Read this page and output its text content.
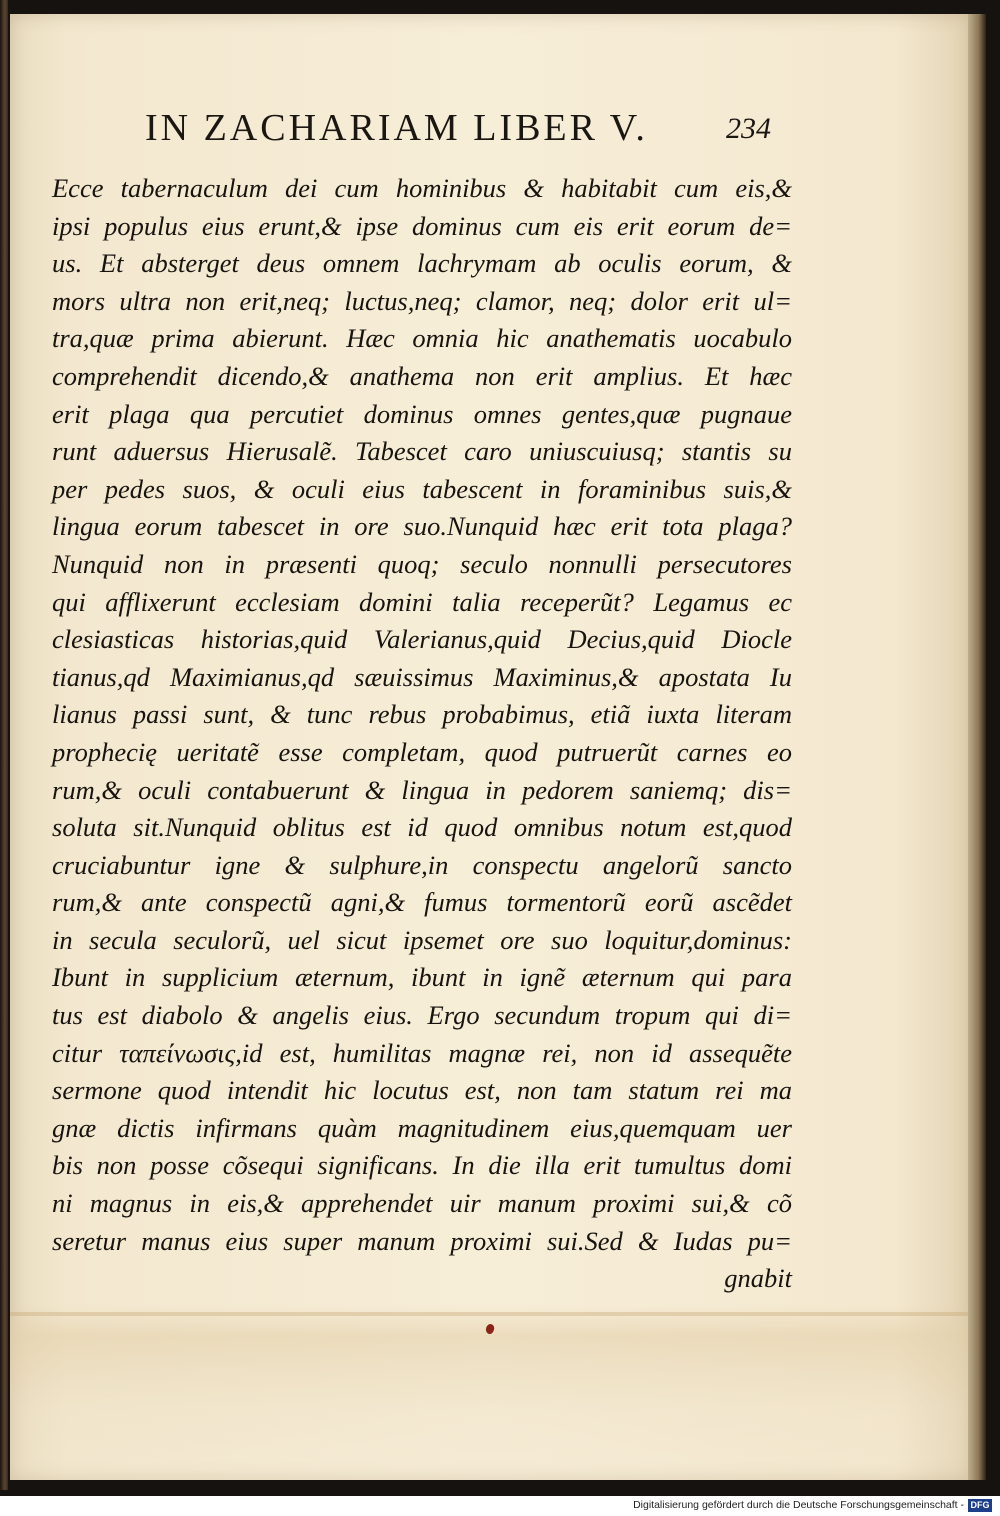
IN ZACHARIAM LIBER V.	234
Ecce tabernaculum dei cum hominibus & habitabit cum eis,&
ipsi populus eius erunt,& ipse dominus cum eis erit eorum de=
us. Et absterget deus omnem lachrymam ab oculis eorum, &
mors ultra non erit,neq; luctus,neq; clamor, neq; dolor erit ul=
tra,quæ prima abierunt. Hæc omnia hic anathematis uocabulo
comprehendit dicendo,& anathema non erit amplius. Et hæc
erit plaga qua percutiet dominus omnes gentes,quæ pugnaue
runt aduersus Hierusalẽ. Tabescet caro uniuscuiusq; stantis su
per pedes suos, & oculi eius tabescent in foraminibus suis,&
lingua eorum tabescet in ore suo.Nunquid hæc erit tota plaga?
Nunquid non in præsenti quoq; seculo nonnulli persecutores
qui afflixerunt ecclesiam domini talia receperũt? Legamus ec
clesiasticas historias,quid Valerianus,quid Decius,quid Diocle
tianus,qd Maximianus,qd sæuissimus Maximinus,& apostata Iu
lianus passi sunt, & tunc rebus probabimus, etiã iuxta literam
prophecię ueritatẽ esse completam, quod putruerũt carnes eo
rum,& oculi contabuerunt & lingua in pedorem saniemq; dis=
soluta sit.Nunquid oblitus est id quod omnibus notum est,quod
cruciabuntur igne & sulphure,in conspectu angelorũ sancto
rum,& ante conspectũ agni,& fumus tormentorũ eorũ ascẽdet
in secula seculorũ, uel sicut ipsemet ore suo loquitur,dominus:
Ibunt in supplicium æternum, ibunt in ignẽ æternum qui para
tus est diabolo & angelis eius. Ergo secundum tropum qui di=
citur ταπείνωσις,id est, humilitas magnæ rei, non id assequẽte
sermone quod intendit hic locutus est, non tam statum rei ma
gnæ dictis infirmans quàm magnitudinem eius,quemquam uer
bis non posse cõsequi significans. In die illa erit tumultus domi
ni magnus in eis,& apprehendet uir manum proximi sui,& cõ
seretur manus eius super manum proximi sui.Sed & Iudas pu=
gnabit
Digitalisierung gefördert durch die Deutsche Forschungsgemeinschaft - DFG
